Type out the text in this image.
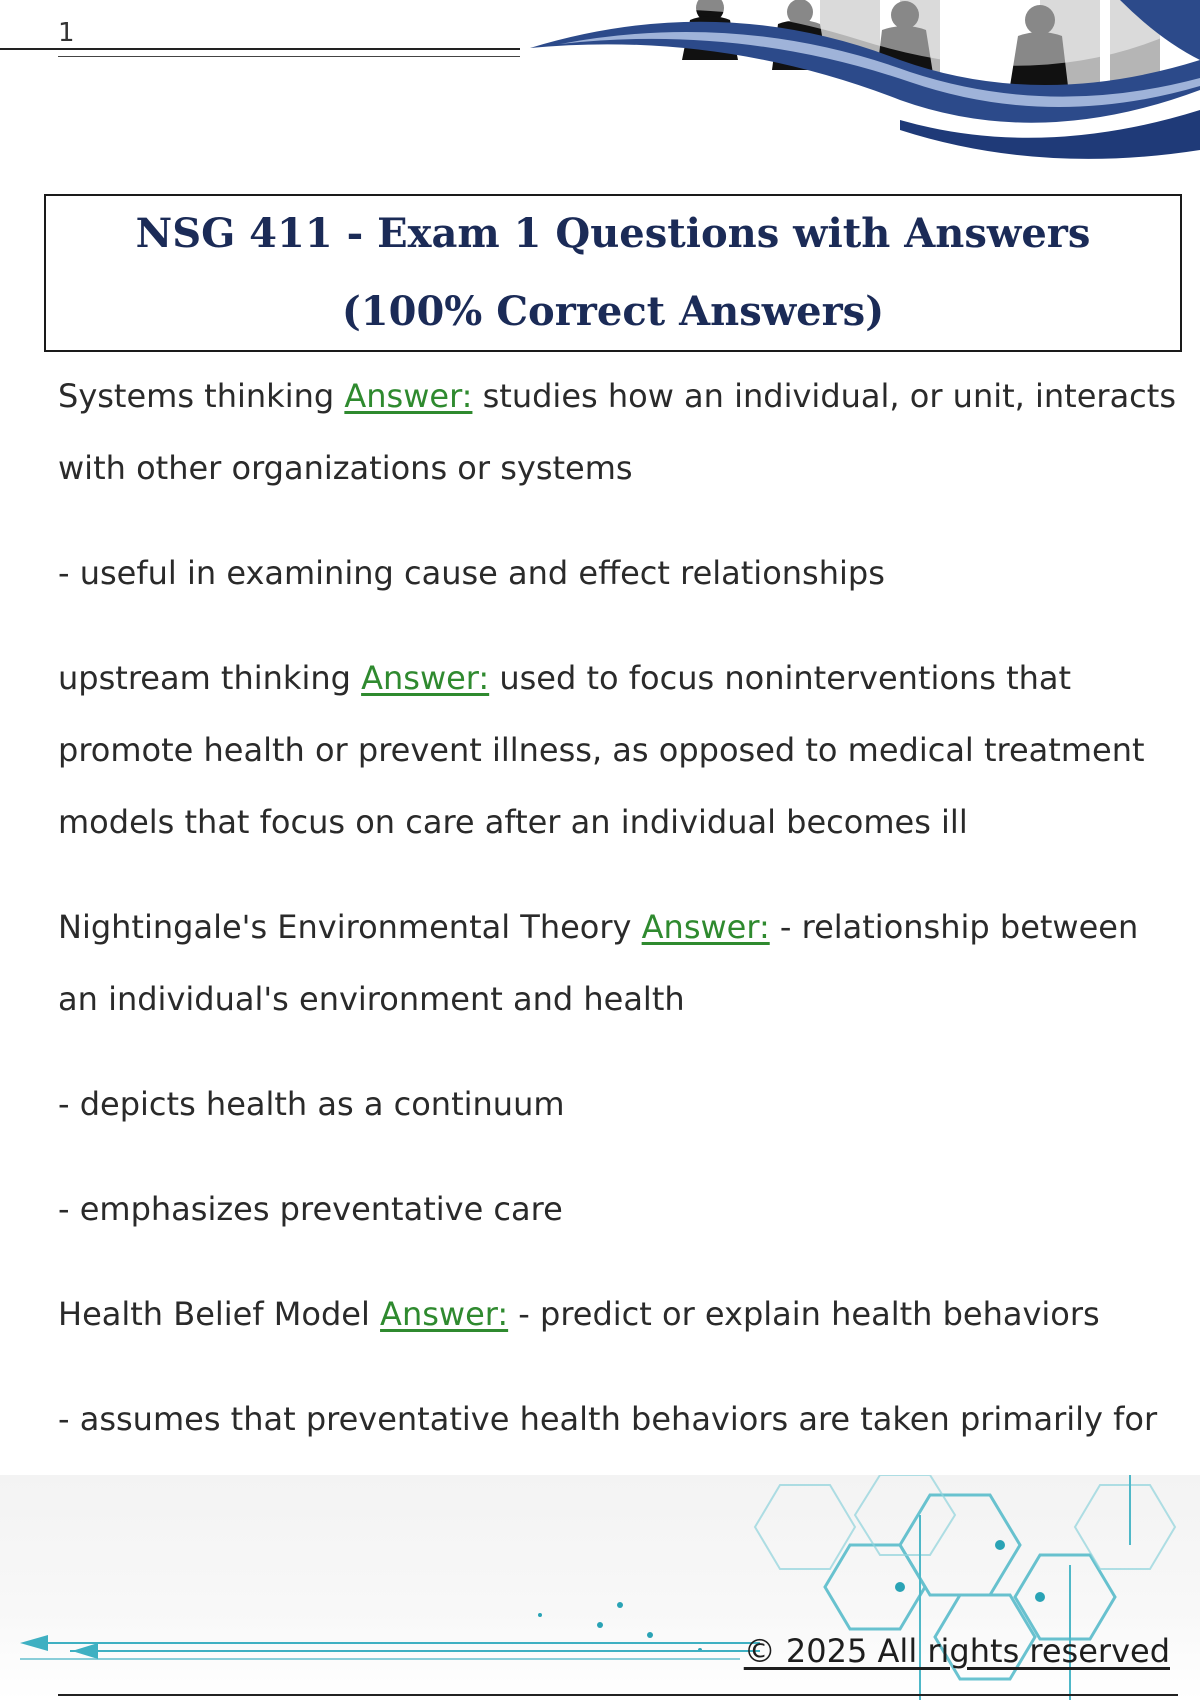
1
NSG 411 - Exam 1 Questions with Answers (100% Correct Answers)

Systems thinking Answer: studies how an individual, or unit, interacts with other organizations or systems

- useful in examining cause and effect relationships

upstream thinking Answer: used to focus noninterventions that promote health or prevent illness, as opposed to medical treatment models that focus on care after an individual becomes ill

Nightingale's Environmental Theory Answer: - relationship between an individual's environment and health

- depicts health as a continuum

- emphasizes preventative care

Health Belief Model Answer: - predict or explain health behaviors

- assumes that preventative health behaviors are taken primarily for

© 2025 All rights reserved
